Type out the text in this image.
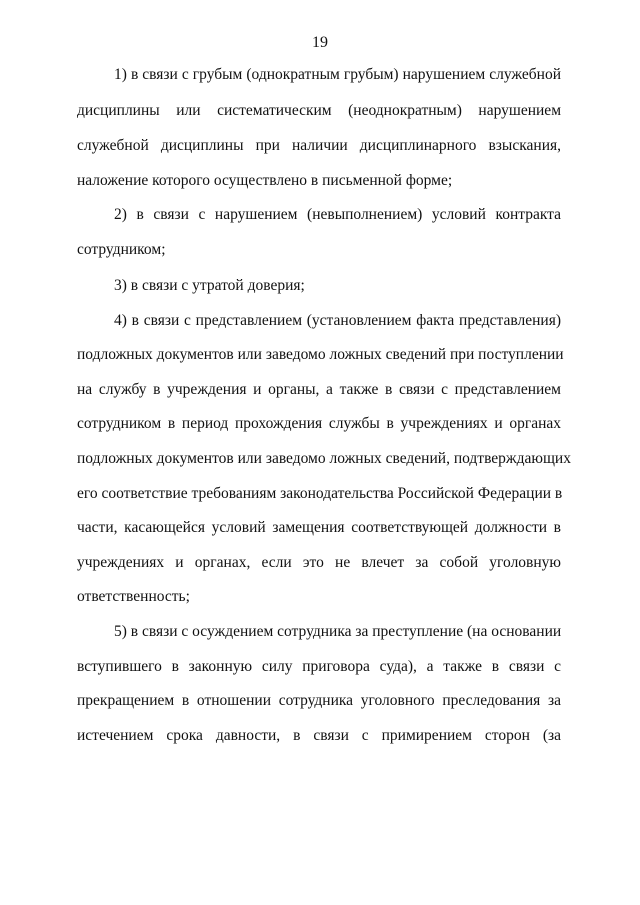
19
1) в связи с грубым (однократным грубым) нарушением служебной
дисциплины или систематическим (неоднократным) нарушением
служебной дисциплины при наличии дисциплинарного взыскания,
наложение которого осуществлено в письменной форме;
2) в связи с нарушением (невыполнением) условий контракта
сотрудником;
3) в связи с утратой доверия;
4) в связи с представлением (установлением факта представления)
подложных документов или заведомо ложных сведений при поступлении
на службу в учреждения и органы, а также в связи с представлением
сотрудником в период прохождения службы в учреждениях и органах
подложных документов или заведомо ложных сведений, подтверждающих
его соответствие требованиям законодательства Российской Федерации в
части, касающейся условий замещения соответствующей должности в
учреждениях и органах, если это не влечет за собой уголовную
ответственность;
5) в связи с осуждением сотрудника за преступление (на основании
вступившего в законную силу приговора суда), а также в связи с
прекращением в отношении сотрудника уголовного преследования за
истечением срока давности, в связи с примирением сторон (за
